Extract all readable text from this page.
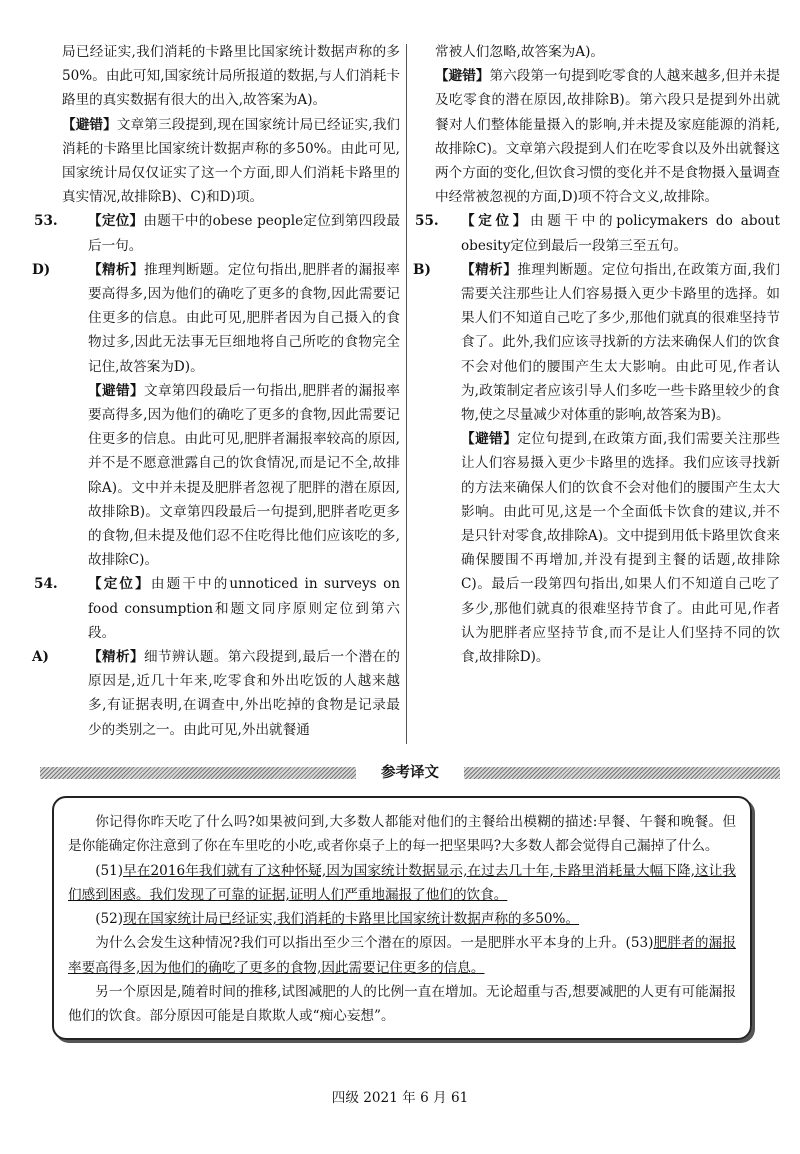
局已经证实,我们消耗的卡路里比国家统计数据声称的多50%。由此可知,国家统计局所报道的数据,与人们消耗卡路里的真实数据有很大的出入,故答案为A)。

【避错】文章第三段提到,现在国家统计局已经证实,我们消耗的卡路里比国家统计数据声称的多50%。由此可见,国家统计局仅仅证实了这一个方面,即人们消耗卡路里的真实情况,故排除B)、C)和D)项。

53. 【定位】由题干中的obese people定位到第四段最后一句。

D)	【精析】推理判断题。定位句指出,肥胖者的漏报率要高得多,因为他们的确吃了更多的食物,因此需要记住更多的信息。由此可见,肥胖者因为自己摄入的食物过多,因此无法事无巨细地将自己所吃的食物完全记住,故答案为D)。

【避错】文章第四段最后一句指出,肥胖者的漏报率要高得多,因为他们的确吃了更多的食物,因此需要记住更多的信息。由此可见,肥胖者漏报率较高的原因,并不是不愿意泄露自己的饮食情况,而是记不全,故排除A)。文中并未提及肥胖者忽视了肥胖的潜在原因,故排除B)。文章第四段最后一句提到,肥胖者吃更多的食物,但未提及他们忍不住吃得比他们应该吃的多,故排除C)。

54. 【定位】由题干中的unnoticed in surveys on food consumption和题文同序原则定位到第六段。

A)	【精析】细节辨认题。第六段提到,最后一个潜在的原因是,近几十年来,吃零食和外出吃饭的人越来越多,有证据表明,在调查中,外出吃掉的食物是记录最少的类别之一。由此可见,外出就餐通

常被人们忽略,故答案为A)。

【避错】第六段第一句提到吃零食的人越来越多,但并未提及吃零食的潜在原因,故排除B)。第六段只是提到外出就餐对人们整体能量摄入的影响,并未提及家庭能源的消耗,故排除C)。文章第六段提到人们在吃零食以及外出就餐这两个方面的变化,但饮食习惯的变化并不是食物摄入量调查中经常被忽视的方面,D)项不符合文义,故排除。

55. 【定位】由题干中的policymakers do about obesity定位到最后一段第三至五句。

B) 【精析】推理判断题。定位句指出,在政策方面,我们需要关注那些让人们容易摄入更少卡路里的选择。如果人们不知道自己吃了多少,那他们就真的很难坚持节食了。此外,我们应该寻找新的方法来确保人们的饮食不会对他们的腰围产生太大影响。由此可见,作者认为,政策制定者应该引导人们多吃一些卡路里较少的食物,使之尽量减少对体重的影响,故答案为B)。

【避错】定位句提到,在政策方面,我们需要关注那些让人们容易摄入更少卡路里的选择。我们应该寻找新的方法来确保人们的饮食不会对他们的腰围产生太大影响。由此可见,这是一个全面低卡饮食的建议,并不是只针对零食,故排除A)。文中提到用低卡路里饮食来确保腰围不再增加,并没有提到主餐的话题,故排除C)。最后一段第四句指出,如果人们不知道自己吃了多少,那他们就真的很难坚持节食了。由此可见,作者认为肥胖者应坚持节食,而不是让人们坚持不同的饮食,故排除D)。

参考译文

你记得你昨天吃了什么吗?如果被问到,大多数人都能对他们的主餐给出模糊的描述:早餐、午餐和晚餐。但是你能确定你注意到了你在车里吃的小吃,或者你桌子上的每一把坚果吗?大多数人都会觉得自己漏掉了什么。

(51)早在2016年我们就有了这种怀疑,因为国家统计数据显示,在过去几十年,卡路里消耗量大幅下降,这让我们感到困惑。我们发现了可靠的证据,证明人们严重地漏报了他们的饮食。

(52)现在国家统计局已经证实,我们消耗的卡路里比国家统计数据声称的多50%。

为什么会发生这种情况?我们可以指出至少三个潜在的原因。一是肥胖水平本身的上升。(53)肥胖者的漏报率要高得多,因为他们的确吃了更多的食物,因此需要记住更多的信息。

另一个原因是,随着时间的推移,试图减肥的人的比例一直在增加。无论超重与否,想要减肥的人更有可能漏报他们的饮食。部分原因可能是自欺欺人或“痴心妄想”。

四级 2021 年 6 月 61
